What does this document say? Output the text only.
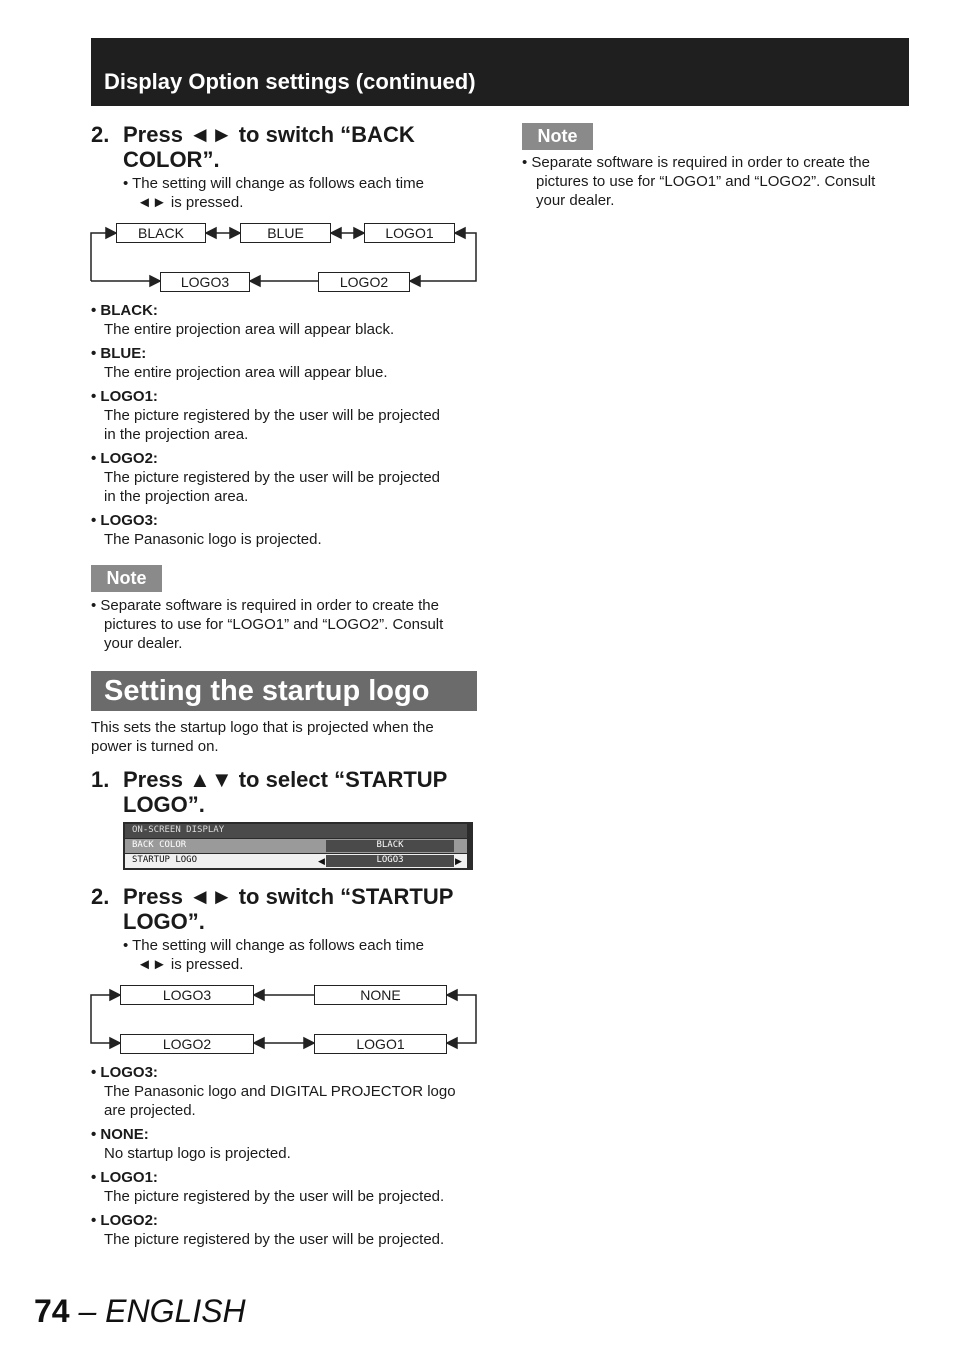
Display Option settings (continued)
2. Press ◄► to switch “BACK COLOR”.
• The setting will change as follows each time
◄► is pressed.
BLACK	BLUE	LOGO1
LOGO3	LOGO2
• BLACK:
The entire projection area will appear black.
• BLUE:
The entire projection area will appear blue.
• LOGO1:
The picture registered by the user will be projected
in the projection area.
• LOGO2:
The picture registered by the user will be projected
in the projection area.
• LOGO3:
The Panasonic logo is projected.
Note
• Separate software is required in order to create the
pictures to use for “LOGO1” and “LOGO2”. Consult
your dealer.
Note
• Separate software is required in order to create the
pictures to use for “LOGO1” and “LOGO2”. Consult
your dealer.
Setting the startup logo
This sets the startup logo that is projected when the
power is turned on.
1. Press ▲▼ to select “STARTUP LOGO”.
ON-SCREEN DISPLAY
BACK COLOR	BLACK
STARTUP LOGO	◀	LOGO3	▶
2. Press ◄► to switch “STARTUP LOGO”.
• The setting will change as follows each time
◄► is pressed.
LOGO3	NONE
LOGO2	LOGO1
• LOGO3:
The Panasonic logo and DIGITAL PROJECTOR logo
are projected.
• NONE:
No startup logo is projected.
• LOGO1:
The picture registered by the user will be projected.
• LOGO2:
The picture registered by the user will be projected.
74 – ENGLISH
